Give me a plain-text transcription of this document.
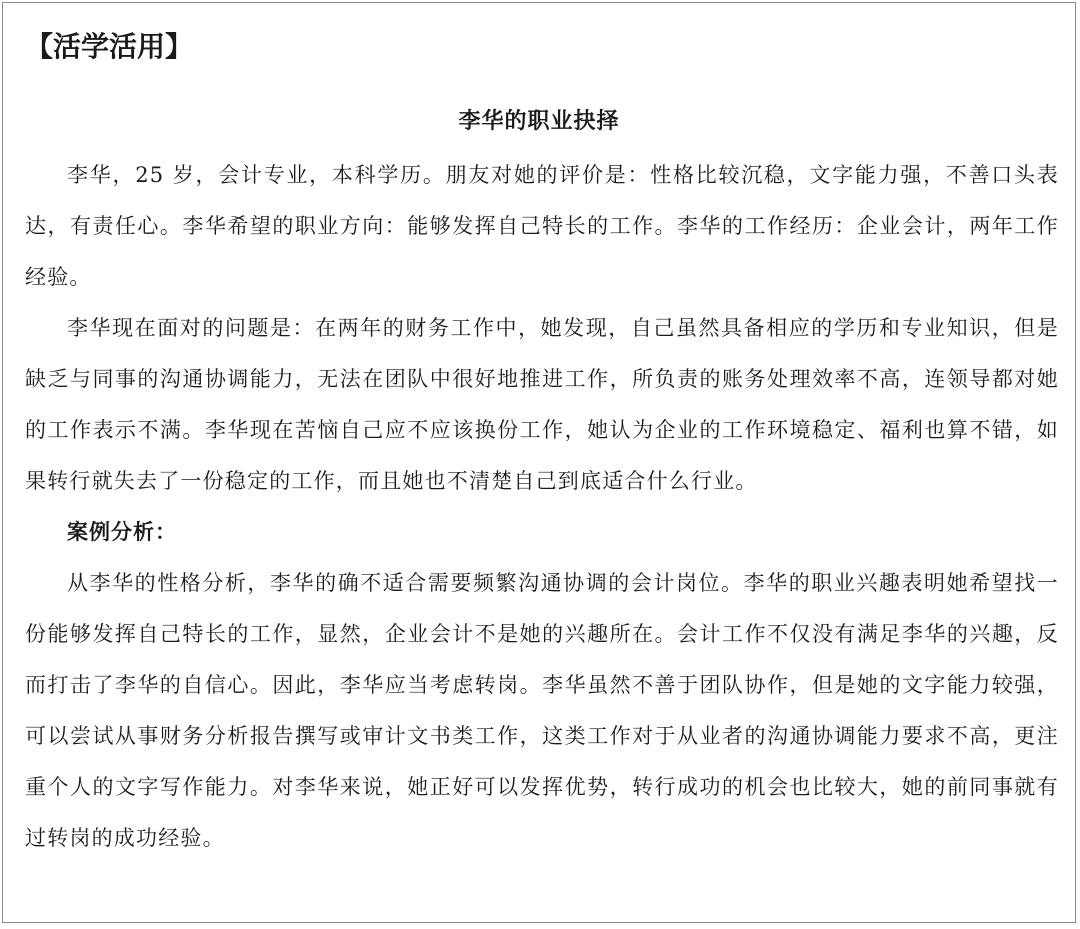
【活学活用】
李华的职业抉择

李华，25 岁，会计专业，本科学历。朋友对她的评价是：性格比较沉稳，文字能力强，不善口头表达，有责任心。李华希望的职业方向：能够发挥自己特长的工作。李华的工作经历：企业会计，两年工作经验。

李华现在面对的问题是：在两年的财务工作中，她发现，自己虽然具备相应的学历和专业知识，但是缺乏与同事的沟通协调能力，无法在团队中很好地推进工作，所负责的账务处理效率不高，连领导都对她的工作表示不满。李华现在苦恼自己应不应该换份工作，她认为企业的工作环境稳定、福利也算不错，如果转行就失去了一份稳定的工作，而且她也不清楚自己到底适合什么行业。

案例分析：

从李华的性格分析，李华的确不适合需要频繁沟通协调的会计岗位。李华的职业兴趣表明她希望找一份能够发挥自己特长的工作，显然，企业会计不是她的兴趣所在。会计工作不仅没有满足李华的兴趣，反而打击了李华的自信心。因此，李华应当考虑转岗。李华虽然不善于团队协作，但是她的文字能力较强，可以尝试从事财务分析报告撰写或审计文书类工作，这类工作对于从业者的沟通协调能力要求不高，更注重个人的文字写作能力。对李华来说，她正好可以发挥优势，转行成功的机会也比较大，她的前同事就有过转岗的成功经验。
